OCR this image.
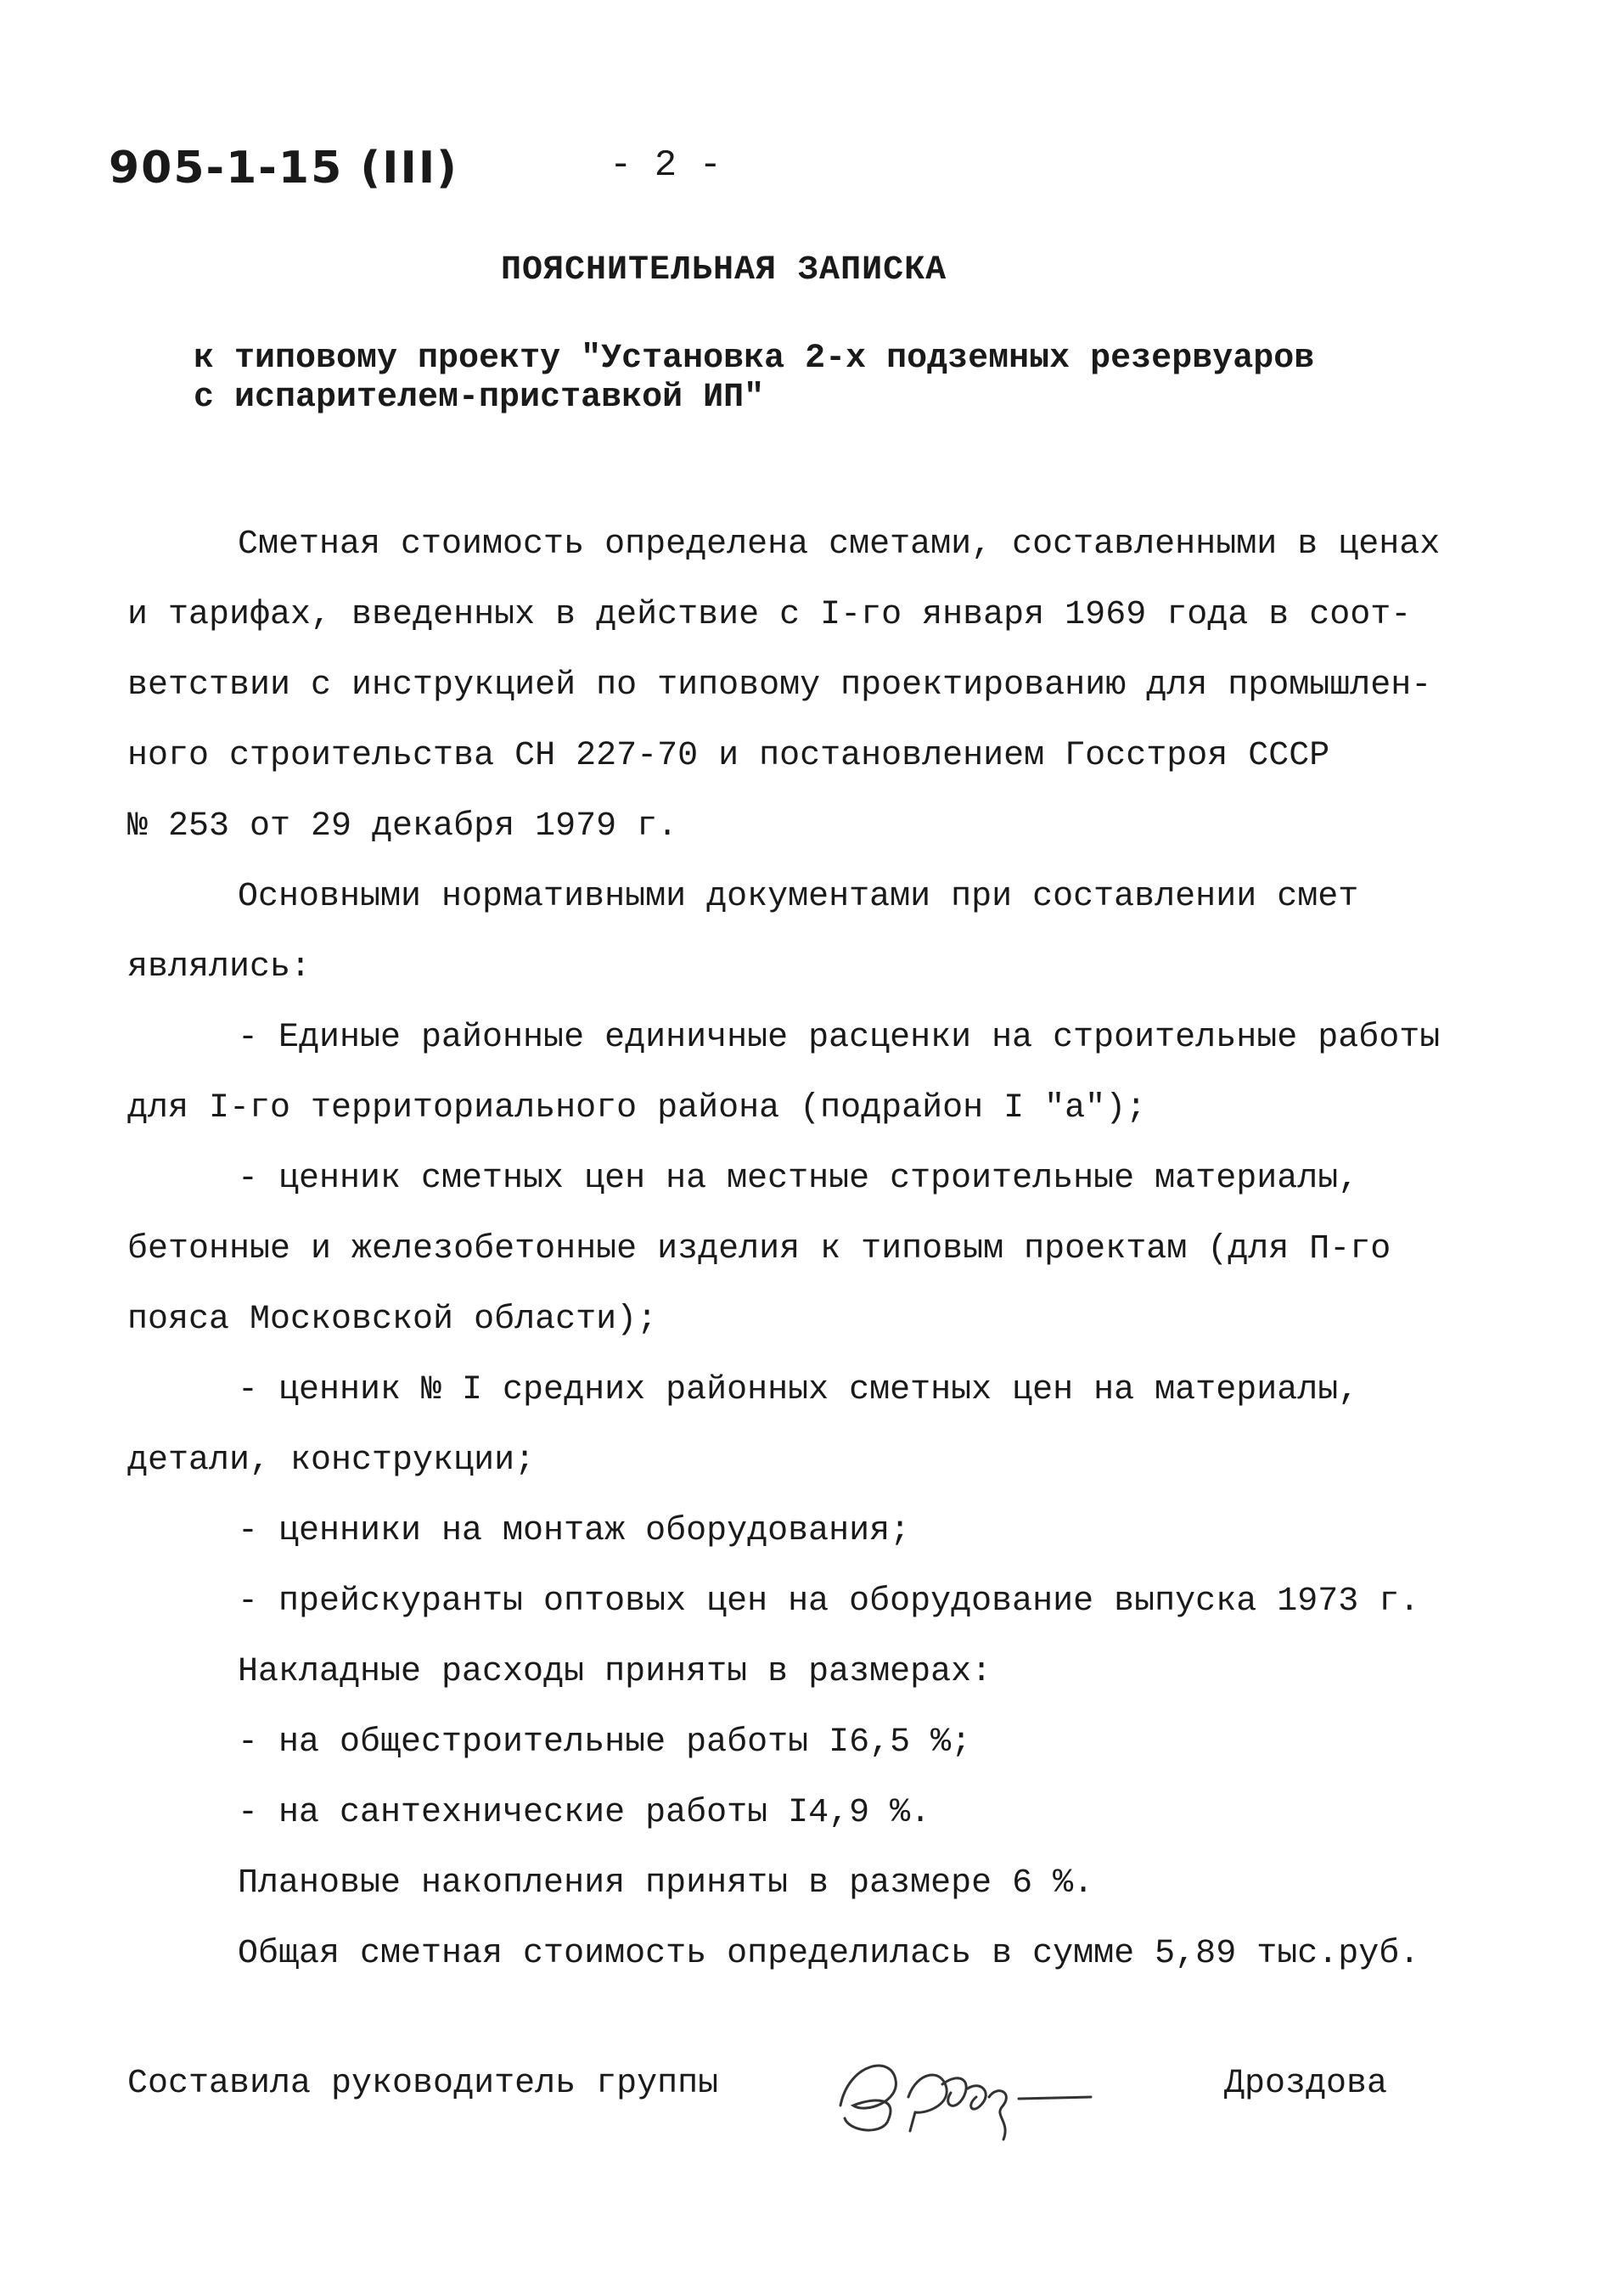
905-1-15 (III)	- 2 -
ПОЯСНИТЕЛЬНАЯ ЗАПИСКА
к типовому проекту "Установка 2-х подземных резервуаров
с испарителем-приставкой ИП"
Сметная стоимость определена сметами, составленными в ценах
и тарифах, введенных в действие с I-го января 1969 года в соот-
ветствии с инструкцией по типовому проектированию для промышлен-
ного строительства СН 227-70 и постановлением Госстроя СССР
№ 253 от 29 декабря 1979 г.
Основными нормативными документами при составлении смет
являлись:
- Единые районные единичные расценки на строительные работы
для I-го территориального района (подрайон I "а");
- ценник сметных цен на местные строительные материалы,
бетонные и железобетонные изделия к типовым проектам (для П-го
пояса Московской области);
- ценник № I средних районных сметных цен на материалы,
детали, конструкции;
- ценники на монтаж оборудования;
- прейскуранты оптовых цен на оборудование выпуска 1973 г.
Накладные расходы приняты в размерах:
- на общестроительные работы I6,5 %;
- на сантехнические работы I4,9 %.
Плановые накопления приняты в размере 6 %.
Общая сметная стоимость определилась в сумме 5,89 тыс.руб.
Составила руководитель группы	Дроздова
